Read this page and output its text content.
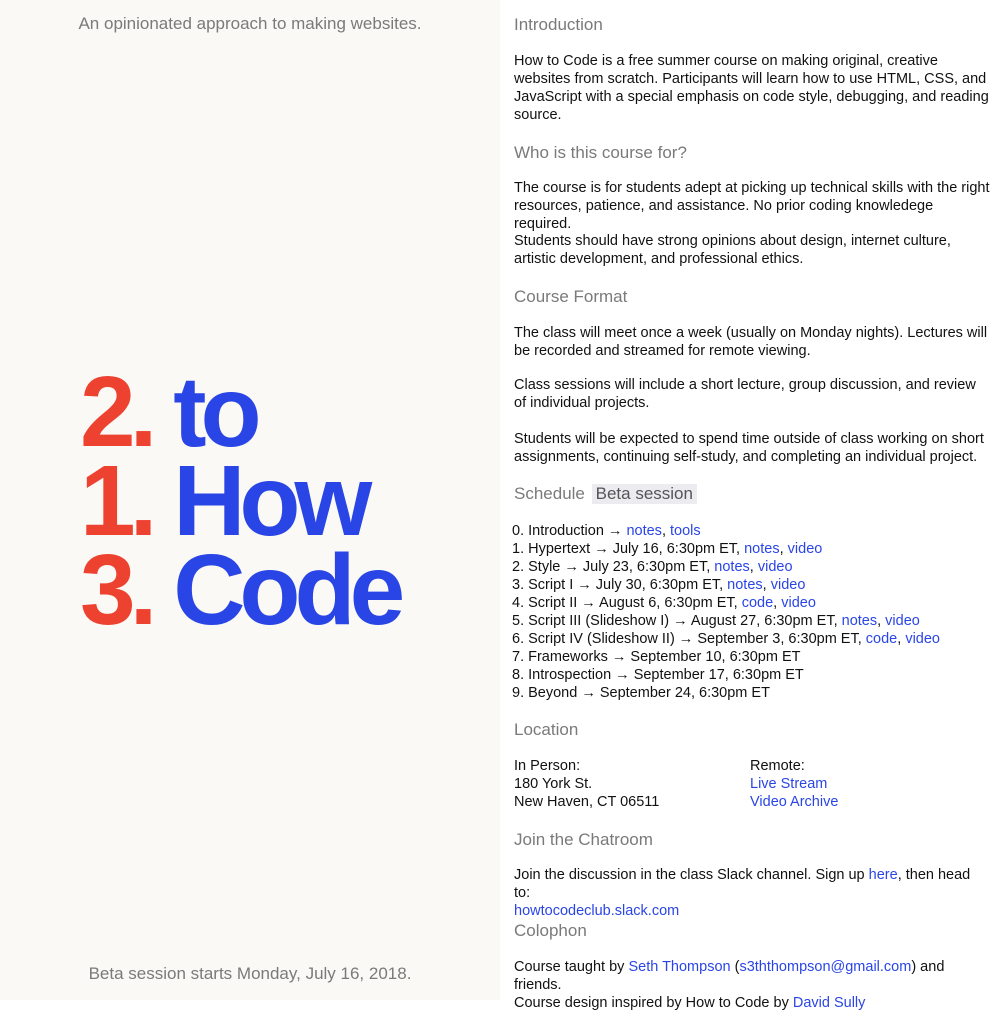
An opinionated approach to making websites.
2. to
1. How
3. Code
Beta session starts Monday, July 16, 2018.
Introduction
How to Code is a free summer course on making original, creative websites from scratch. Participants will learn how to use HTML, CSS, and JavaScript with a special emphasis on code style, debugging, and reading source.
Who is this course for?
The course is for students adept at picking up technical skills with the right resources, patience, and assistance. No prior coding knowledege required.
Students should have strong opinions about design, internet culture, artistic development, and professional ethics.
Course Format
The class will meet once a week (usually on Monday nights). Lectures will be recorded and streamed for remote viewing.
Class sessions will include a short lecture, group discussion, and review of individual projects.
Students will be expected to spend time outside of class working on short assignments, continuing self-study, and completing an individual project.
Schedule Beta session
0. Introduction → notes, tools
1. Hypertext → July 16, 6:30pm ET, notes, video
2. Style → July 23, 6:30pm ET, notes, video
3. Script I → July 30, 6:30pm ET, notes, video
4. Script II → August 6, 6:30pm ET, code, video
5. Script III (Slideshow I) → August 27, 6:30pm ET, notes, video
6. Script IV (Slideshow II) → September 3, 6:30pm ET, code, video
7. Frameworks → September 10, 6:30pm ET
8. Introspection → September 17, 6:30pm ET
9. Beyond → September 24, 6:30pm ET
Location
In Person:
180 York St.
New Haven, CT 06511
Remote:
Live Stream
Video Archive
Join the Chatroom
Join the discussion in the class Slack channel. Sign up here, then head to:
howtocodeclub.slack.com
Colophon
Course taught by Seth Thompson (s3ththompson@gmail.com) and friends.
Course design inspired by How to Code by David Sully
